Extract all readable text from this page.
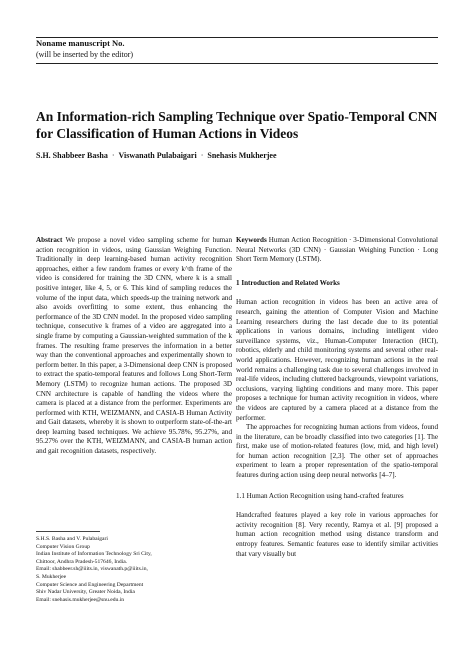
Noname manuscript No.
(will be inserted by the editor)
An Information-rich Sampling Technique over Spatio-Temporal CNN for Classification of Human Actions in Videos
S.H. Shabbeer Basha · Viswanath Pulabaigari · Snehasis Mukherjee
Abstract We propose a novel video sampling scheme for human action recognition in videos, using Gaussian Weighing Function. Traditionally in deep learning-based human activity recognition approaches, either a few random frames or every k^th frame of the video is considered for training the 3D CNN, where k is a small positive integer, like 4, 5, or 6. This kind of sampling reduces the volume of the input data, which speeds-up the training network and also avoids overfitting to some extent, thus enhancing the performance of the 3D CNN model. In the proposed video sampling technique, consecutive k frames of a video are aggregated into a single frame by computing a Gaussian-weighted summation of the k frames. The resulting frame preserves the information in a better way than the conventional approaches and experimentally shown to perform better. In this paper, a 3-Dimensional deep CNN is proposed to extract the spatio-temporal features and follows Long Short-Term Memory (LSTM) to recognize human actions. The proposed 3D CNN architecture is capable of handling the videos where the camera is placed at a distance from the performer. Experiments are performed with KTH, WEIZMANN, and CASIA-B Human Activity and Gait datasets, whereby it is shown to outperform state-of-the-art deep learning based techniques. We achieve 95.78%, 95.27%, and 95.27% over the KTH, WEIZMANN, and CASIA-B human action and gait recognition datasets, respectively.
Keywords Human Action Recognition · 3-Dimensional Convolutional Neural Networks (3D CNN) · Gaussian Weighing Function · Long Short Term Memory (LSTM).
1 Introduction and Related Works
Human action recognition in videos has been an active area of research, gaining the attention of Computer Vision and Machine Learning researchers during the last decade due to its potential applications in various domains, including intelligent video surveillance systems, viz., Human-Computer Interaction (HCI), robotics, elderly and child monitoring systems and several other real-world applications. However, recognizing human actions in the real world remains a challenging task due to several challenges involved in real-life videos, including cluttered backgrounds, viewpoint variations, occlusions, varying lighting conditions and many more. This paper proposes a technique for human activity recognition in videos, where the videos are captured by a camera placed at a distance from the performer.
The approaches for recognizing human actions from videos, found in the literature, can be broadly classified into two categories [1]. The first, make use of motion-related features (low, mid, and high level) for human action recognition [2,3]. The other set of approaches experiment to learn a proper representation of the spatio-temporal features during action using deep neural networks [4–7].
1.1 Human Action Recognition using hand-crafted features
Handcrafted features played a key role in various approaches for activity recognition [8]. Very recently, Ramya et al. [9] proposed a human action recognition method using distance transform and entropy features. Semantic features ease to identify similar activities that vary visually but
S.H.S. Basha and V. Pulabaigari
Computer Vision Group
Indian Institute of Information Technology Sri City,
Chittoor, Andhra Pradesh-517646, India.
Email: shabbeer.sh@iiits.in, viswanath.p@iiits.in,
S. Mukherjee
Computer Science and Engineering Department
Shiv Nadar University, Greater Noida, India
Email: snehasis.mukherjee@snu.edu.in
